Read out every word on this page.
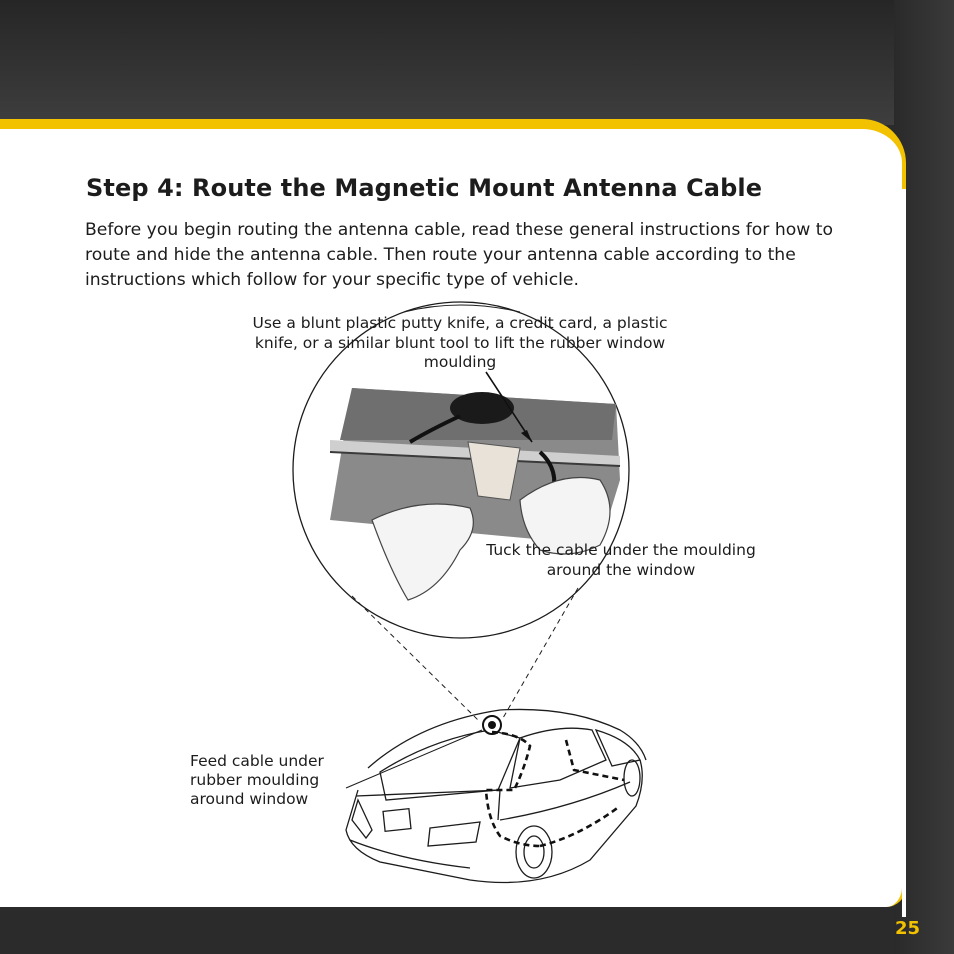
Step 4: Route the Magnetic Mount Antenna Cable

Before you begin routing the antenna cable, read these general instructions for how to route and hide the antenna cable. Then route your antenna cable according to the instructions which follow for your specific type of vehicle.

Use a blunt plastic putty knife, a credit card, a plastic knife, or a similar blunt tool to lift the rubber window moulding

Tuck the cable under the moulding around the window

Feed cable under rubber moulding around window

25
